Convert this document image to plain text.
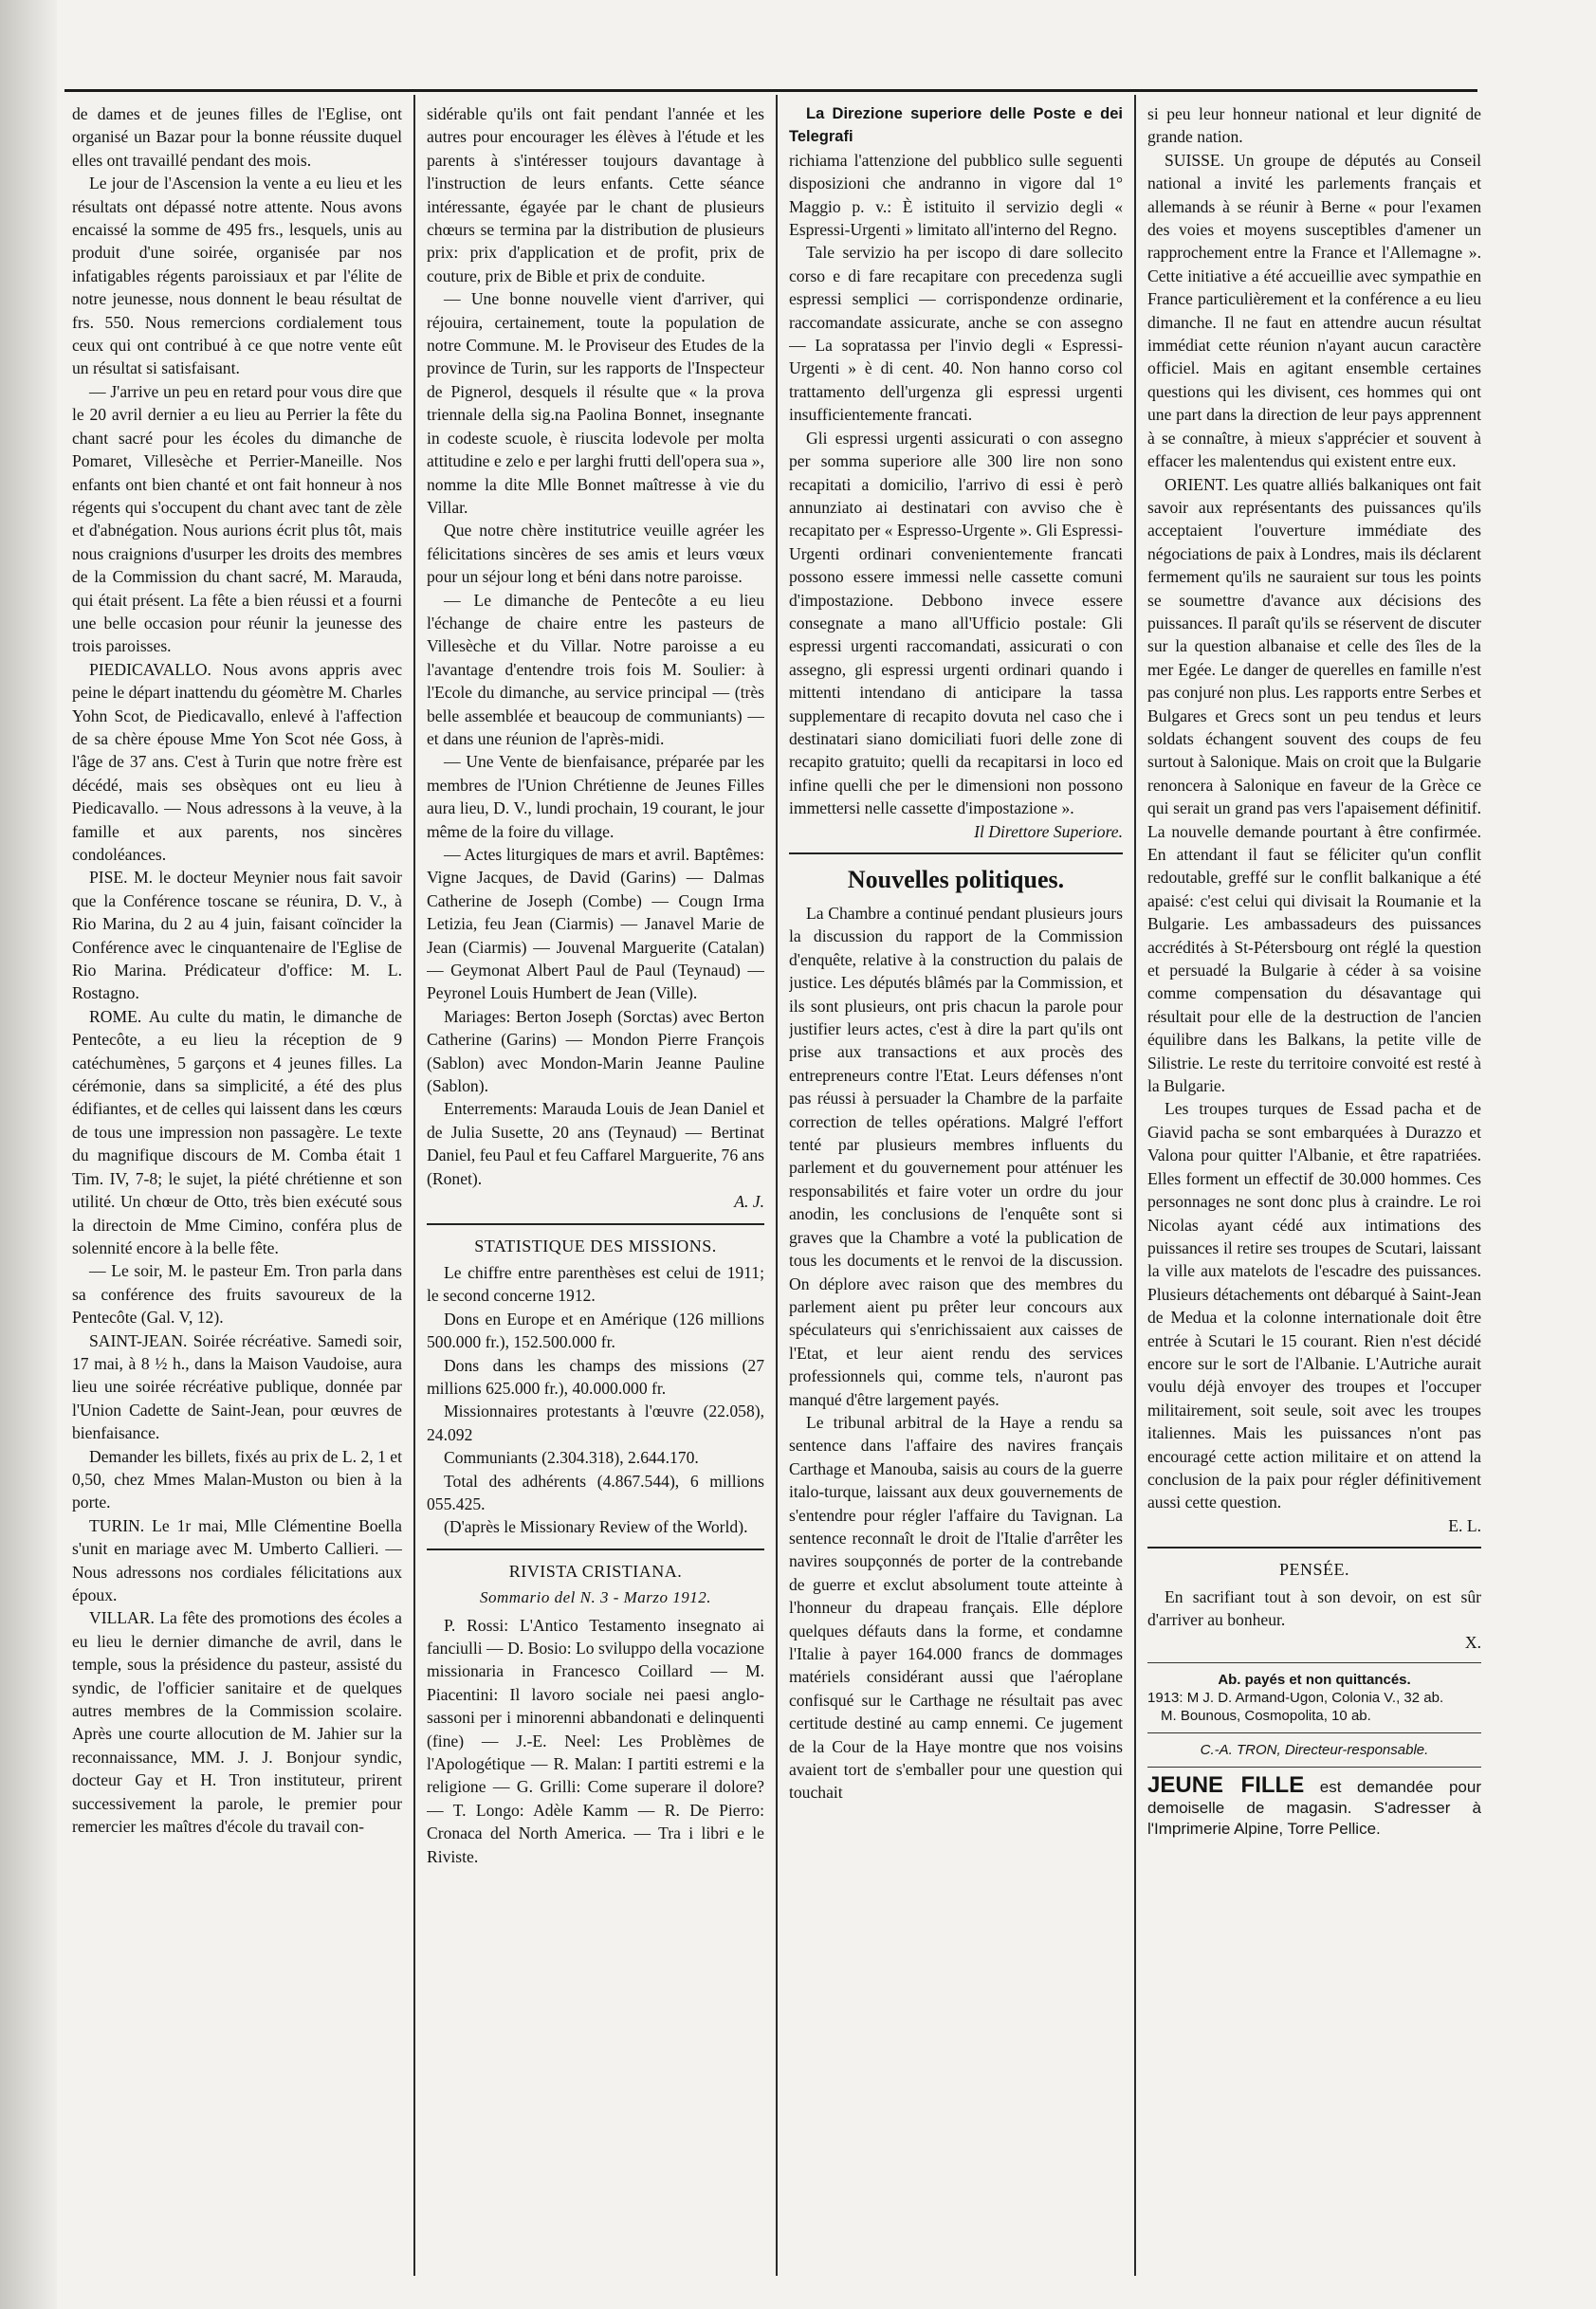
de dames et de jeunes filles de l'Eglise, ont organisé un Bazar pour la bonne réussite duquel elles ont travaillé pendant des mois.

Le jour de l'Ascension la vente a eu lieu et les résultats ont dépassé notre attente. Nous avons encaissé la somme de 495 frs., lesquels, unis au produit d'une soirée, organisée par nos infatigables régents paroissiaux et par l'élite de notre jeunesse, nous donnent le beau résultat de frs. 550. Nous remercions cordialement tous ceux qui ont contribué à ce que notre vente eût un résultat si satisfaisant.

— J'arrive un peu en retard pour vous dire que le 20 avril dernier a eu lieu au Perrier la fête du chant sacré pour les écoles du dimanche de Pomaret, Villesèche et Perrier-Maneille. Nos enfants ont bien chanté et ont fait honneur à nos régents qui s'occupent du chant avec tant de zèle et d'abnégation. Nous aurions écrit plus tôt, mais nous craignions d'usurper les droits des membres de la Commission du chant sacré, M. Marauda, qui était présent. La fête a bien réussi et a fourni une belle occasion pour réunir la jeunesse des trois paroisses.

PIEDICAVALLO. Nous avons appris avec peine le départ inattendu du géomètre M. Charles Yohn Scot, de Piedicavallo, enlevé à l'affection de sa chère épouse Mme Yon Scot née Goss, à l'âge de 37 ans. C'est à Turin que notre frère est décédé, mais ses obsèques ont eu lieu à Piedicavallo. — Nous adressons à la veuve, à la famille et aux parents, nos sincères condoléances.

PISE. M. le docteur Meynier nous fait savoir que la Conférence toscane se réunira, D. V., à Rio Marina, du 2 au 4 juin, faisant coïncider la Conférence avec le cinquantenaire de l'Eglise de Rio Marina. Prédicateur d'office: M. L. Rostagno.

ROME. Au culte du matin, le dimanche de Pentecôte, a eu lieu la réception de 9 catéchumènes, 5 garçons et 4 jeunes filles. La cérémonie, dans sa simplicité, a été des plus édifiantes, et de celles qui laissent dans les cœurs de tous une impression non passagère. Le texte du magnifique discours de M. Comba était 1 Tim. IV, 7-8; le sujet, la piété chrétienne et son utilité. Un chœur de Otto, très bien exécuté sous la directoin de Mme Cimino, conféra plus de solennité encore à la belle fête.

— Le soir, M. le pasteur Em. Tron parla dans sa conférence des fruits savoureux de la Pentecôte (Gal. V, 12).

SAINT-JEAN. Soirée récréative. Samedi soir, 17 mai, à 8 ½ h., dans la Maison Vaudoise, aura lieu une soirée récréative publique, donnée par l'Union Cadette de Saint-Jean, pour œuvres de bienfaisance.

Demander les billets, fixés au prix de L. 2, 1 et 0,50, chez Mmes Malan-Muston ou bien à la porte.

TURIN. Le 1r mai, Mlle Clémentine Boella s'unit en mariage avec M. Umberto Callieri. — Nous adressons nos cordiales félicitations aux époux.

VILLAR. La fête des promotions des écoles a eu lieu le dernier dimanche de avril, dans le temple, sous la présidence du pasteur, assisté du syndic, de l'officier sanitaire et de quelques autres membres de la Commission scolaire. Après une courte allocution de M. Jahier sur la reconnaissance, MM. J. J. Bonjour syndic, docteur Gay et H. Tron instituteur, prirent successivement la parole, le premier pour remercier les maîtres d'école du travail con-

sidérable qu'ils ont fait pendant l'année et les autres pour encourager les élèves à l'étude et les parents à s'intéresser toujours davantage à l'instruction de leurs enfants. Cette séance intéressante, égayée par le chant de plusieurs chœurs se termina par la distribution de plusieurs prix: prix d'application et de profit, prix de couture, prix de Bible et prix de conduite.

— Une bonne nouvelle vient d'arriver, qui réjouira, certainement, toute la population de notre Commune. M. le Proviseur des Etudes de la province de Turin, sur les rapports de l'Inspecteur de Pignerol, desquels il résulte que « la prova triennale della sig.na Paolina Bonnet, insegnante in codeste scuole, è riuscita lodevole per molta attitudine e zelo e per larghi frutti dell'opera sua », nomme la dite Mlle Bonnet maîtresse à vie du Villar.

Que notre chère institutrice veuille agréer les félicitations sincères de ses amis et leurs vœux pour un séjour long et béni dans notre paroisse.

— Le dimanche de Pentecôte a eu lieu l'échange de chaire entre les pasteurs de Villesèche et du Villar. Notre paroisse a eu l'avantage d'entendre trois fois M. Soulier: à l'Ecole du dimanche, au service principal — (très belle assemblée et beaucoup de communiants) — et dans une réunion de l'après-midi.

— Une Vente de bienfaisance, préparée par les membres de l'Union Chrétienne de Jeunes Filles aura lieu, D. V., lundi prochain, 19 courant, le jour même de la foire du village.

— Actes liturgiques de mars et avril. Baptêmes: Vigne Jacques, de David (Garins) — Dalmas Catherine de Joseph (Combe) — Cougn Irma Letizia, feu Jean (Ciarmis) — Janavel Marie de Jean (Ciarmis) — Jouvenal Marguerite (Catalan) — Geymonat Albert Paul de Paul (Teynaud) — Peyronel Louis Humbert de Jean (Ville).

Mariages: Berton Joseph (Sorctas) avec Berton Catherine (Garins) — Mondon Pierre François (Sablon) avec Mondon-Marin Jeanne Pauline (Sablon).

Enterrements: Marauda Louis de Jean Daniel et de Julia Susette, 20 ans (Teynaud) — Bertinat Daniel, feu Paul et feu Caffarel Marguerite, 76 ans (Ronet).

A. J.

STATISTIQUE DES MISSIONS.

Le chiffre entre parenthèses est celui de 1911; le second concerne 1912.

Dons en Europe et en Amérique (126 millions 500.000 fr.), 152.500.000 fr.

Dons dans les champs des missions (27 millions 625.000 fr.), 40.000.000 fr.

Missionnaires protestants à l'œuvre (22.058), 24.092

Communiants (2.304.318), 2.644.170.

Total des adhérents (4.867.544), 6 millions 055.425.

(D'après le Missionary Review of the World).

RIVISTA CRISTIANA.
Sommario del N. 3 - Marzo 1912.

P. Rossi: L'Antico Testamento insegnato ai fanciulli — D. Bosio: Lo sviluppo della vocazione missionaria in Francesco Coillard — M. Piacentini: Il lavoro sociale nei paesi anglo-sassoni per i minorenni abbandonati e delinquenti (fine) — J.-E. Neel: Les Problèmes de l'Apologétique — R. Malan: I partiti estremi e la religione — G. Grilli: Come superare il dolore? — T. Longo: Adèle Kamm — R. De Pierro: Cronaca del North America. — Tra i libri e le Riviste.

La Direzione superiore delle Poste e dei Telegrafi

richiama l'attenzione del pubblico sulle seguenti disposizioni che andranno in vigore dal 1° Maggio p. v.: È istituito il servizio degli « Espressi-Urgenti » limitato all'interno del Regno.

Tale servizio ha per iscopo di dare sollecito corso e di fare recapitare con precedenza sugli espressi semplici — corrispondenze ordinarie, raccomandate assicurate, anche se con assegno — La sopratassa per l'invio degli « Espressi-Urgenti » è di cent. 40. Non hanno corso col trattamento dell'urgenza gli espressi urgenti insufficientemente francati.

Gli espressi urgenti assicurati o con assegno per somma superiore alle 300 lire non sono recapitati a domicilio, l'arrivo di essi è però annunziato ai destinatari con avviso che è recapitato per « Espresso-Urgente ». Gli Espressi-Urgenti ordinari convenientemente francati possono essere immessi nelle cassette comuni d'impostazione. Debbono invece essere consegnate a mano all'Ufficio postale: Gli espressi urgenti raccomandati, assicurati o con assegno, gli espressi urgenti ordinari quando i mittenti intendano di anticipare la tassa supplementare di recapito dovuta nel caso che i destinatari siano domiciliati fuori delle zone di recapito gratuito; quelli da recapitarsi in loco ed infine quelli che per le dimensioni non possono immettersi nelle cassette d'impostazione ».

Il Direttore Superiore.

Nouvelles politiques.

La Chambre a continué pendant plusieurs jours la discussion du rapport de la Commission d'enquête, relative à la construction du palais de justice. Les députés blâmés par la Commission, et ils sont plusieurs, ont pris chacun la parole pour justifier leurs actes, c'est à dire la part qu'ils ont prise aux transactions et aux procès des entrepreneurs contre l'Etat. Leurs défenses n'ont pas réussi à persuader la Chambre de la parfaite correction de telles opérations. Malgré l'effort tenté par plusieurs membres influents du parlement et du gouvernement pour atténuer les responsabilités et faire voter un ordre du jour anodin, les conclusions de l'enquête sont si graves que la Chambre a voté la publication de tous les documents et le renvoi de la discussion. On déplore avec raison que des membres du parlement aient pu prêter leur concours aux spéculateurs qui s'enrichissaient aux caisses de l'Etat, et leur aient rendu des services professionnels qui, comme tels, n'auront pas manqué d'être largement payés.

Le tribunal arbitral de la Haye a rendu sa sentence dans l'affaire des navires français Carthage et Manouba, saisis au cours de la guerre italo-turque, laissant aux deux gouvernements de s'entendre pour régler l'affaire du Tavignan. La sentence reconnaît le droit de l'Italie d'arrêter les navires soupçonnés de porter de la contrebande de guerre et exclut absolument toute atteinte à l'honneur du drapeau français. Elle déplore quelques défauts dans la forme, et condamne l'Italie à payer 164.000 francs de dommages matériels considérant aussi que l'aéroplane confisqué sur le Carthage ne résultait pas avec certitude destiné au camp ennemi. Ce jugement de la Cour de la Haye montre que nos voisins avaient tort de s'emballer pour une question qui touchait

si peu leur honneur national et leur dignité de grande nation.

SUISSE. Un groupe de députés au Conseil national a invité les parlements français et allemands à se réunir à Berne « pour l'examen des voies et moyens susceptibles d'amener un rapprochement entre la France et l'Allemagne ». Cette initiative a été accueillie avec sympathie en France particulièrement et la conférence a eu lieu dimanche. Il ne faut en attendre aucun résultat immédiat cette réunion n'ayant aucun caractère officiel. Mais en agitant ensemble certaines questions qui les divisent, ces hommes qui ont une part dans la direction de leur pays apprennent à se connaître, à mieux s'apprécier et souvent à effacer les malentendus qui existent entre eux.

ORIENT. Les quatre alliés balkaniques ont fait savoir aux représentants des puissances qu'ils acceptaient l'ouverture immédiate des négociations de paix à Londres, mais ils déclarent fermement qu'ils ne sauraient sur tous les points se soumettre d'avance aux décisions des puissances. Il paraît qu'ils se réservent de discuter sur la question albanaise et celle des îles de la mer Egée. Le danger de querelles en famille n'est pas conjuré non plus. Les rapports entre Serbes et Bulgares et Grecs sont un peu tendus et leurs soldats échangent souvent des coups de feu surtout à Salonique. Mais on croit que la Bulgarie renoncera à Salonique en faveur de la Grèce ce qui serait un grand pas vers l'apaisement définitif. La nouvelle demande pourtant à être confirmée. En attendant il faut se féliciter qu'un conflit redoutable, greffé sur le conflit balkanique a été apaisé: c'est celui qui divisait la Roumanie et la Bulgarie. Les ambassadeurs des puissances accrédités à St-Pétersbourg ont réglé la question et persuadé la Bulgarie à céder à sa voisine comme compensation du désavantage qui résultait pour elle de la destruction de l'ancien équilibre dans les Balkans, la petite ville de Silistrie. Le reste du territoire convoité est resté à la Bulgarie.

Les troupes turques de Essad pacha et de Giavid pacha se sont embarquées à Durazzo et Valona pour quitter l'Albanie, et être rapatriées. Elles forment un effectif de 30.000 hommes. Ces personnages ne sont donc plus à craindre. Le roi Nicolas ayant cédé aux intimations des puissances il retire ses troupes de Scutari, laissant la ville aux matelots de l'escadre des puissances. Plusieurs détachements ont débarqué à Saint-Jean de Medua et la colonne internationale doit être entrée à Scutari le 15 courant. Rien n'est décidé encore sur le sort de l'Albanie. L'Autriche aurait voulu déjà envoyer des troupes et l'occuper militairement, soit seule, soit avec les troupes italiennes. Mais les puissances n'ont pas encouragé cette action militaire et on attend la conclusion de la paix pour régler définitivement aussi cette question.

E. L.

PENSÉE.

En sacrifiant tout à son devoir, on est sûr d'arriver au bonheur.

X.

Ab. payés et non quittancés.
1913: M J. D. Armand-Ugon, Colonia V., 32 ab.
M. Bounous, Cosmopolita, 10 ab.
C.-A. TRON, Directeur-responsable.
JEUNE FILLE est demandée pour demoiselle de magasin. S'adresser à l'Imprimerie Alpine, Torre Pellice.
